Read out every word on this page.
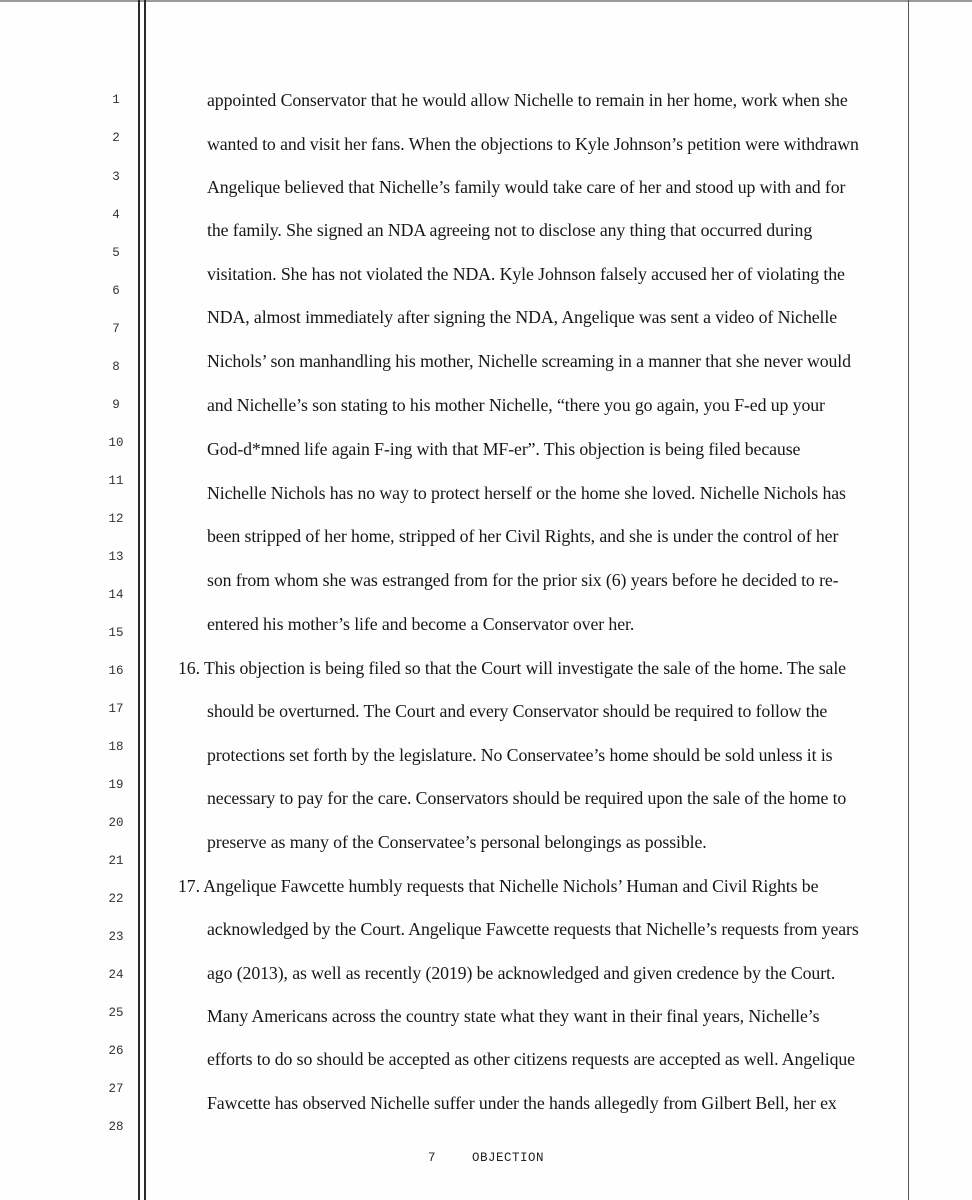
1
2
3
4
5
6
7
8
9
10
11
12
13
14
15
16
17
18
19
20
21
22
23
24
25
26
27
28
appointed Conservator that he would allow Nichelle to remain in her home, work when she
wanted to and visit her fans. When the objections to Kyle Johnson’s petition were withdrawn
Angelique believed that Nichelle’s family would take care of her and stood up with and for
the family. She signed an NDA agreeing not to disclose any thing that occurred during
visitation. She has not violated the NDA. Kyle Johnson falsely accused her of violating the
NDA, almost immediately after signing the NDA, Angelique was sent a video of Nichelle
Nichols’ son manhandling his mother, Nichelle screaming in a manner that she never would
and Nichelle’s son stating to his mother Nichelle, “there you go again, you F-ed up your
God-d*mned life again F-ing with that MF-er”. This objection is being filed because
Nichelle Nichols has no way to protect herself or the home she loved. Nichelle Nichols has
been stripped of her home, stripped of her Civil Rights, and she is under the control of her
son from whom she was estranged from for the prior six (6) years before he decided to re-
entered his mother’s life and become a Conservator over her.
16. This objection is being filed so that the Court will investigate the sale of the home. The sale
should be overturned. The Court and every Conservator should be required to follow the
protections set forth by the legislature. No Conservatee’s home should be sold unless it is
necessary to pay for the care. Conservators should be required upon the sale of the home to
preserve as many of the Conservatee’s personal belongings as possible.
17. Angelique Fawcette humbly requests that Nichelle Nichols’ Human and Civil Rights be
acknowledged by the Court. Angelique Fawcette requests that Nichelle’s requests from years
ago (2013), as well as recently (2019) be acknowledged and given credence by the Court.
Many Americans across the country state what they want in their final years, Nichelle’s
efforts to do so should be accepted as other citizens requests are accepted as well. Angelique
Fawcette has observed Nichelle suffer under the hands allegedly from Gilbert Bell, her ex
7	OBJECTION
